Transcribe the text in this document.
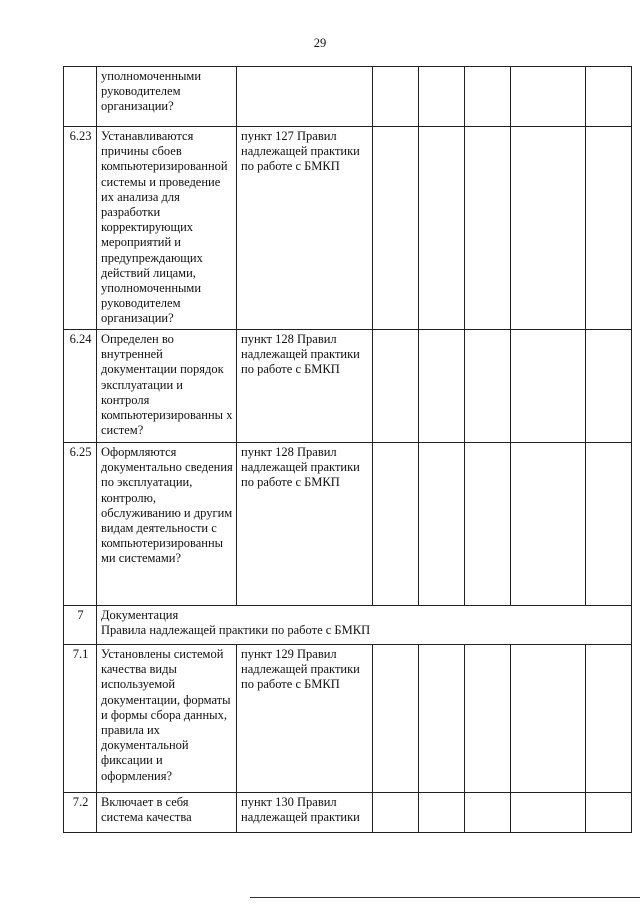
29
	уполномоченными руководителем организации?						
6.23	Устанавливаются причины сбоев компьютеризированной системы и проведение их анализа для разработки корректирующих мероприятий и предупреждающих действий лицами, уполномоченными руководителем организации?	пункт 127 Правил надлежащей практики по работе с БМКП					
6.24	Определен во внутренней документации порядок эксплуатации и контроля компьютеризированны х систем?	пункт 128 Правил надлежащей практики по работе с БМКП					
6.25	Оформляются документально сведения по эксплуатации, контролю, обслуживанию и другим видам деятельности с компьютеризированны ми системами?	пункт 128 Правил надлежащей практики по работе с БМКП					
7	Документация
Правила надлежащей практики по работе с БМКП						

7.1	Установлены системой качества виды используемой документации, форматы и формы сбора данных, правила их документальной фиксации и оформления?	пункт 129 Правил надлежащей практики по работе с БМКП					
7.2	Включает в себя система качества	пункт 130 Правил надлежащей практики					
